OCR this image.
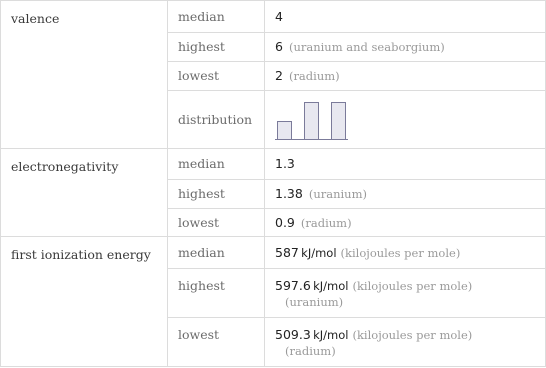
valence	median	4
	highest	6 (uranium and seaborgium)
	lowest	2 (radium)
	distribution	

electronegativity	median	1.3
	highest	1.38 (uranium)
	lowest	0.9 (radium)
first ionization energy	median	587  kJ/mol (kilojoules per mole)
	highest	597.6  kJ/mol (kilojoules per mole)
(uranium)

	lowest	509.3  kJ/mol (kilojoules per mole)
(radium)
